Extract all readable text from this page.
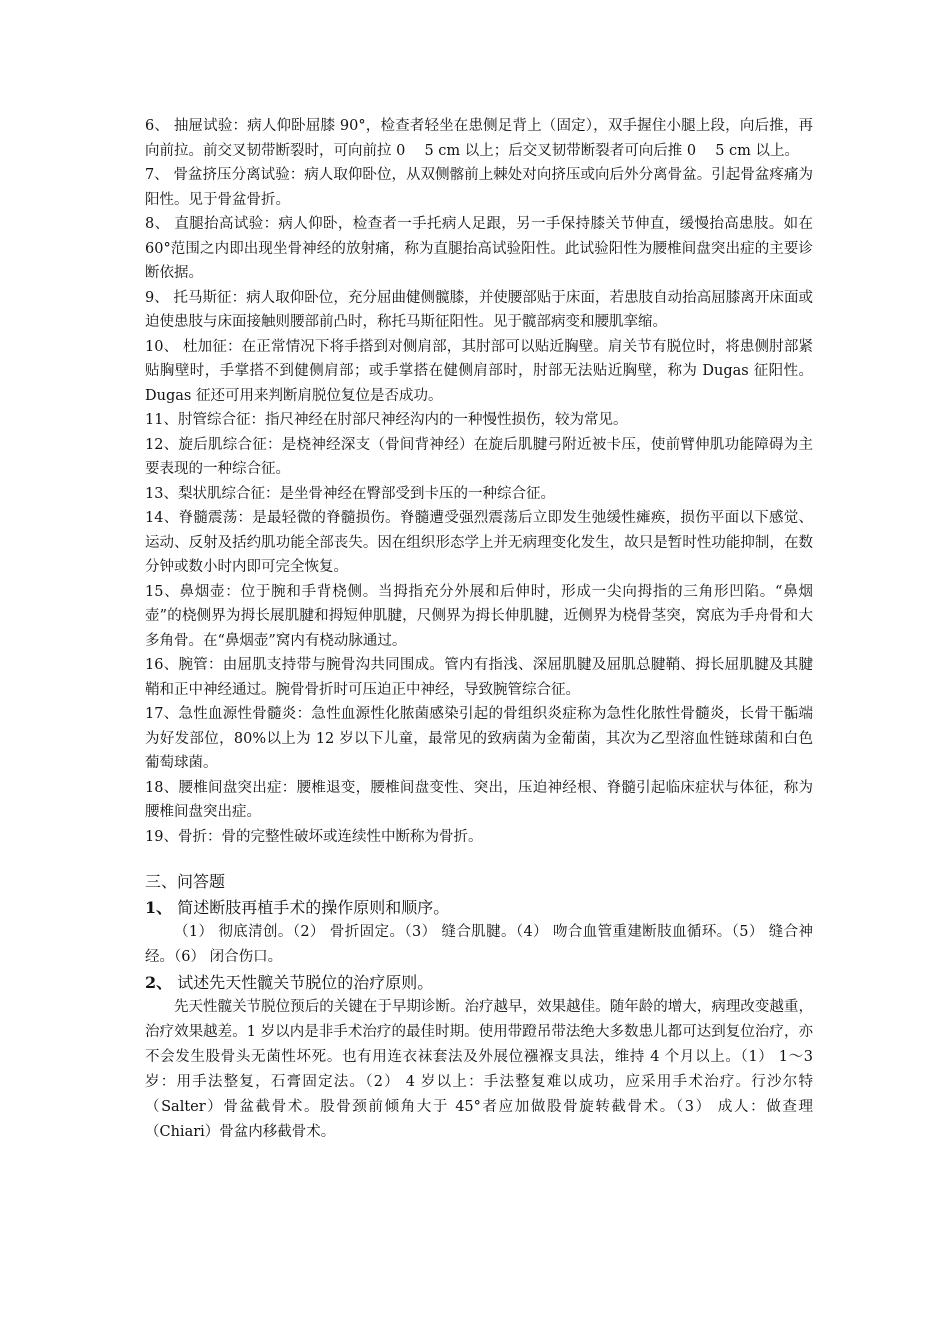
6、 抽屉试验：病人仰卧屈膝 90°，检查者轻坐在患侧足背上（固定），双手握住小腿上段，向后推，再向前拉。前交叉韧带断裂时，可向前拉 0　 5 cm 以上；后交叉韧带断裂者可向后推 0　 5 cm 以上。

7、 骨盆挤压分离试验：病人取仰卧位，从双侧髂前上棘处对向挤压或向后外分离骨盆。引起骨盆疼痛为阳性。见于骨盆骨折。

8、 直腿抬高试验：病人仰卧，检查者一手托病人足跟，另一手保持膝关节伸直，缓慢抬高患肢。如在 60°范围之内即出现坐骨神经的放射痛，称为直腿抬高试验阳性。此试验阳性为腰椎间盘突出症的主要诊断依据。

9、 托马斯征：病人取仰卧位，充分屈曲健侧髋膝，并使腰部贴于床面，若患肢自动抬高屈膝离开床面或迫使患肢与床面接触则腰部前凸时，称托马斯征阳性。见于髋部病变和腰肌挛缩。

10、 杜加征：在正常情况下将手搭到对侧肩部，其肘部可以贴近胸壁。肩关节有脱位时，将患侧肘部紧贴胸壁时，手掌搭不到健侧肩部；或手掌搭在健侧肩部时，肘部无法贴近胸壁，称为 Dugas 征阳性。Dugas 征还可用来判断肩脱位复位是否成功。

11、肘管综合征：指尺神经在肘部尺神经沟内的一种慢性损伤，较为常见。

12、旋后肌综合征：是桡神经深支（骨间背神经）在旋后肌腱弓附近被卡压，使前臂伸肌功能障碍为主要表现的一种综合征。

13、梨状肌综合征：是坐骨神经在臀部受到卡压的一种综合征。

14、脊髓震荡：是最轻微的脊髓损伤。脊髓遭受强烈震荡后立即发生弛缓性瘫痪，损伤平面以下感觉、运动、反射及括约肌功能全部丧失。因在组织形态学上并无病理变化发生，故只是暂时性功能抑制，在数分钟或数小时内即可完全恢复。

15、鼻烟壶：位于腕和手背桡侧。当拇指充分外展和后伸时，形成一尖向拇指的三角形凹陷。“鼻烟壶”的桡侧界为拇长展肌腱和拇短伸肌腱，尺侧界为拇长伸肌腱，近侧界为桡骨茎突，窝底为手舟骨和大多角骨。在“鼻烟壶”窝内有桡动脉通过。

16、腕管：由屈肌支持带与腕骨沟共同围成。管内有指浅、深屈肌腱及屈肌总腱鞘、拇长屈肌腱及其腱鞘和正中神经通过。腕骨骨折时可压迫正中神经，导致腕管综合征。

17、急性血源性骨髓炎：急性血源性化脓菌感染引起的骨组织炎症称为急性化脓性骨髓炎，长骨干骺端为好发部位，80%以上为 12 岁以下儿童，最常见的致病菌为金葡菌，其次为乙型溶血性链球菌和白色葡萄球菌。

18、腰椎间盘突出症：腰椎退变，腰椎间盘变性、突出，压迫神经根、脊髓引起临床症状与体征，称为腰椎间盘突出症。

19、骨折：骨的完整性破坏或连续性中断称为骨折。

三、问答题

1、 简述断肢再植手术的操作原则和顺序。

（1） 彻底清创。（2） 骨折固定。（3） 缝合肌腱。（4） 吻合血管重建断肢血循环。（5） 缝合神经。（6） 闭合伤口。

2、 试述先天性髋关节脱位的治疗原则。

先天性髋关节脱位预后的关键在于早期诊断。治疗越早，效果越佳。随年龄的增大，病理改变越重，治疗效果越差。1 岁以内是非手术治疗的最佳时期。使用带蹬吊带法绝大多数患儿都可达到复位治疗，亦不会发生股骨头无菌性坏死。也有用连衣袜套法及外展位襁褓支具法，维持 4 个月以上。（1） 1～3 岁：用手法整复，石膏固定法。（2） 4 岁以上：手法整复难以成功，应采用手术治疗。行沙尔特（Salter）骨盆截骨术。股骨颈前倾角大于 45°者应加做股骨旋转截骨术。（3） 成人：做查理（Chiari）骨盆内移截骨术。
